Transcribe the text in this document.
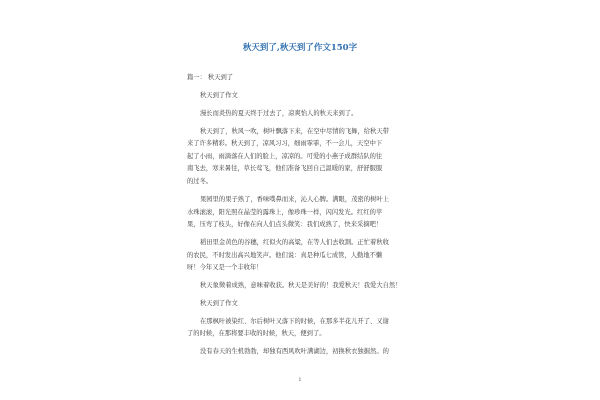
秋天到了,秋天到了作文150字
篇一： 秋天到了
秋天到了作文
漫长而炎热的夏天终于过去了，凉爽怡人的秋天来到了。
秋天到了，秋风一吹，树叶飘落下来，在空中尽情的飞舞，给秋天带
来了许多精彩。秋天到了，凉风习习，细雨霏霏，不一会儿，天空中下
起了小雨，雨滴落在人们的脸上，凉凉的。可爱的小燕子成群结队的往
南飞去，寒来暑往，草长莺飞，他们准备飞回自己温暖的家，舒舒服服
的过冬。
果园里的果子熟了，香味噗鼻而来，沁人心脾。满眼，茂密的树叶上
水珠滚滚，阳光照在晶莹的露珠上，像珍珠一样，闪闪发光。红红的苹
果，压弯了枝头，好像在向人们点头微笑：我们成熟了，快来采摘吧！
稻田里金黄色的谷穗，红似火的高粱，在等人们去收割。正忙着秋收
的农民，不时发出高兴地笑声。他们说：真是种瓜七成管，人勤地不懒
呀！今年又是一个丰收年！
秋天象徵着成熟，意味着收获。秋天是美好的！我爱秋天！我爱大自然！
秋天到了作文
在那枫叶被染红、尔后树叶又落下的时候，在那多半花儿开了、又谢
了的时候，在那将要丰收的时候，秋天，便到了。
没有春天的生机勃勃，却独有西风吹叶满湖边，初换秋衣独掘然。的
1
